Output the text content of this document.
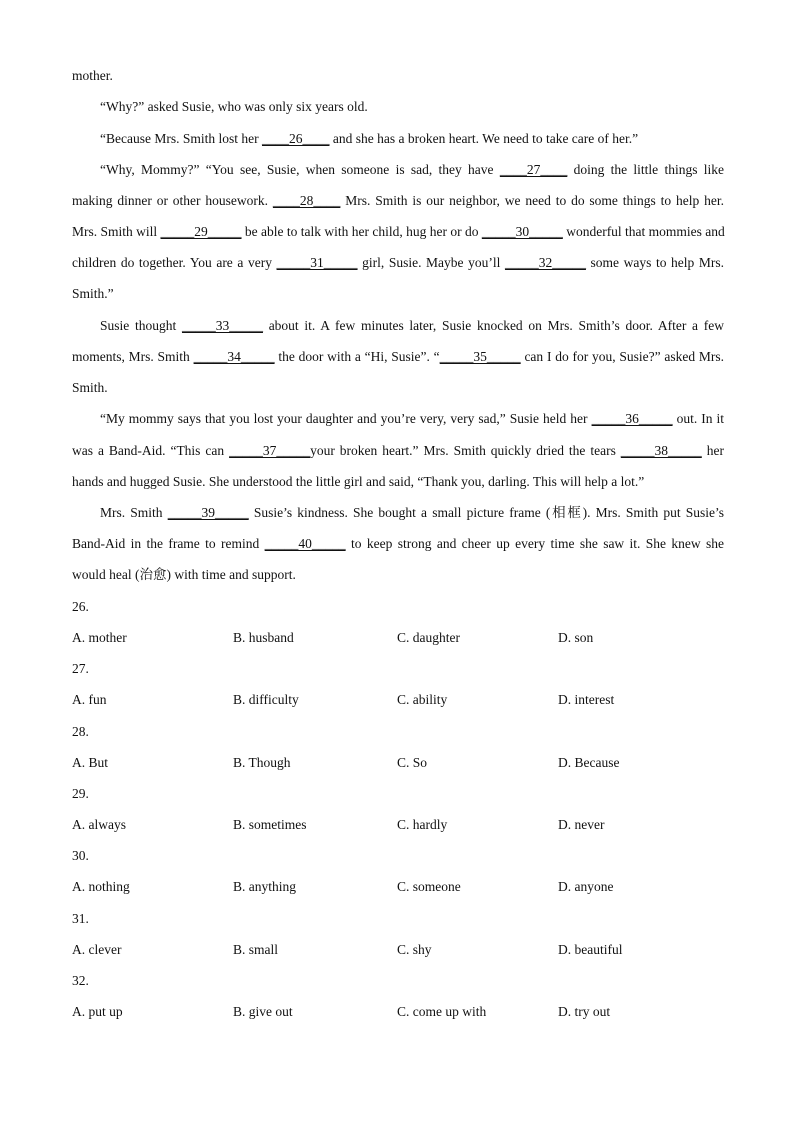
mother.

“Why?” asked Susie, who was only six years old.

“Because Mrs. Smith lost her ____26____ and she has a broken heart. We need to take care of her.”

“Why, Mommy?” “You see, Susie, when someone is sad, they have ____27____ doing the little things like

making dinner or other housework. ____28____ Mrs. Smith is our neighbor, we need to do some things to help her.

Mrs. Smith will _____29_____ be able to talk with her child, hug her or do _____30_____ wonderful that mommies and

children do together. You are a very _____31_____ girl, Susie. Maybe you’ll _____32_____ some ways to help Mrs.

Smith.”

Susie thought _____33_____ about it. A few minutes later, Susie knocked on Mrs. Smith’s door. After a few

moments, Mrs. Smith _____34_____ the door with a “Hi, Susie”. “_____35_____ can I do for you, Susie?” asked Mrs.

Smith.

“My mommy says that you lost your daughter and you’re very, very sad,” Susie held her _____36_____ out. In it

was a Band-Aid. “This can _____37_____your broken heart.” Mrs. Smith quickly dried the tears _____38_____ her

hands and hugged Susie. She understood the little girl and said, “Thank you, darling. This will help a lot.”

Mrs. Smith _____39_____ Susie’s kindness. She bought a small picture frame (相框). Mrs. Smith put Susie’s

Band-Aid in the frame to remind _____40_____ to keep strong and cheer up every time she saw it. She knew she

would heal (治愈) with time and support.

26.

A. mother	B. husband	C. daughter	D. son

27.

A. fun	B. difficulty	C. ability	D. interest

28.

A. But	B. Though	C. So	D. Because

29.

A. always	B. sometimes	C. hardly	D. never

30.

A. nothing	B. anything	C. someone	D. anyone

31.

A. clever	B. small	C. shy	D. beautiful

32.

A. put up	B. give out	C. come up with	D. try out
